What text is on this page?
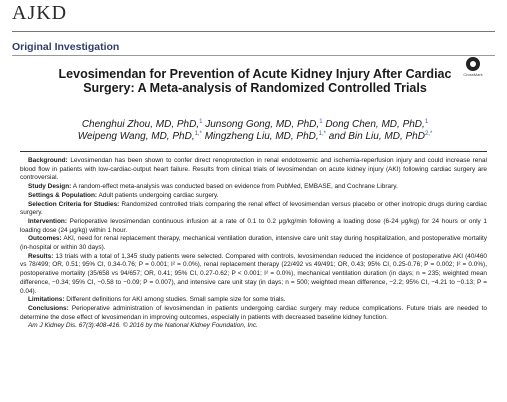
AJKD
Original Investigation
CrossMark
Levosimendan for Prevention of Acute Kidney Injury After Cardiac Surgery: A Meta-analysis of Randomized Controlled Trials
Chenghui Zhou, MD, PhD,$^1$ Junsong Gong, MD, PhD,$^1$ Dong Chen, MD, PhD,$^1$
Weipeng Wang, MD, PhD,$^{1,*}$ Mingzheng Liu, MD, PhD,$^{1,*}$ and Bin Liu, MD, PhD$^{2,*}$

Background: Levosimendan has been shown to confer direct renoprotection in renal endotoxemic and ischemia-reperfusion injury and could increase renal blood flow in patients with low-cardiac-output heart failure. Results from clinical trials of levosimendan on acute kidney injury (AKI) following cardiac surgery are controversial.

Study Design: A random-effect meta-analysis was conducted based on evidence from PubMed, EMBASE, and Cochrane Library.

Settings & Population: Adult patients undergoing cardiac surgery.

Selection Criteria for Studies: Randomized controlled trials comparing the renal effect of levosimendan versus placebo or other inotropic drugs during cardiac surgery.

Intervention: Perioperative levosimendan continuous infusion at a rate of 0.1 to 0.2 μg/kg/min following a loading dose (6-24 μg/kg) for 24 hours or only 1 loading dose (24 μg/kg) within 1 hour.

Outcomes: AKI, need for renal replacement therapy, mechanical ventilation duration, intensive care unit stay during hospitalization, and postoperative mortality (in-hospital or within 30 days).

Results: 13 trials with a total of 1,345 study patients were selected. Compared with controls, levosimendan reduced the incidence of postoperative AKI (40/460 vs 78/499; OR, 0.51; 95% CI, 0.34-0.76; P = 0.001; I² = 0.0%), renal replacement therapy (22/492 vs 49/491; OR, 0.43; 95% CI, 0.25-0.76; P = 0.002; I² = 0.0%), postoperative mortality (35/658 vs 94/657; OR, 0.41; 95% CI, 0.27-0.62; P < 0.001; I² = 0.0%), mechanical ventilation duration (in days; n = 235; weighted mean difference, −0.34; 95% CI, −0.58 to −0.09; P = 0.007), and intensive care unit stay (in days; n = 500; weighted mean difference, −2.2; 95% CI, −4.21 to −0.13; P = 0.04).

Limitations: Different definitions for AKI among studies. Small sample size for some trials.

Conclusions: Perioperative administration of levosimendan in patients undergoing cardiac surgery may reduce complications. Future trials are needed to determine the dose effect of levosimendan in improving outcomes, especially in patients with decreased baseline kidney function.

Am J Kidney Dis. 67(3):408-416. © 2016 by the National Kidney Foundation, Inc.
